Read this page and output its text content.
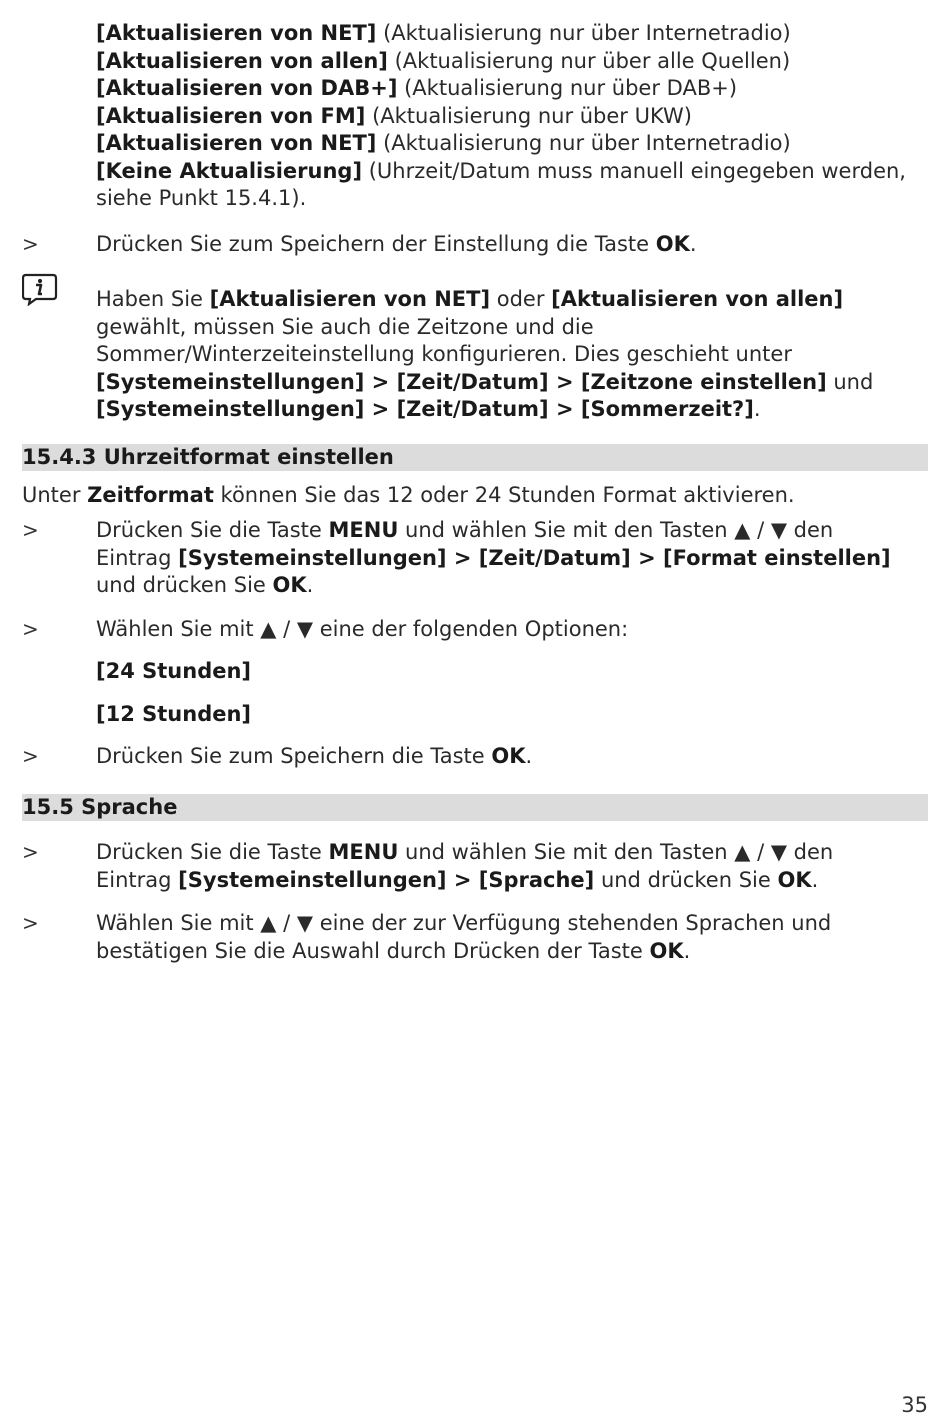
[Aktualisieren von NET] (Aktualisierung nur über Internetradio)
[Aktualisieren von allen] (Aktualisierung nur über alle Quellen)
[Aktualisieren von DAB+] (Aktualisierung nur über DAB+)
[Aktualisieren von FM] (Aktualisierung nur über UKW)
[Aktualisieren von NET] (Aktualisierung nur über Internetradio)
[Keine Aktualisierung] (Uhrzeit/Datum muss manuell eingegeben werden, siehe Punkt 15.4.1).
>	Drücken Sie zum Speichern der Einstellung die Taste OK.
Haben Sie [Aktualisieren von NET] oder [Aktualisieren von allen] gewählt, müssen Sie auch die Zeitzone und die Sommer/Winterzeiteinstellung konfigurieren. Dies geschieht unter [Systemeinstellungen] > [Zeit/Datum] > [Zeitzone einstellen] und [Systemeinstellungen] > [Zeit/Datum] > [Sommerzeit?].
15.4.3 Uhrzeitformat einstellen
Unter Zeitformat können Sie das 12 oder 24 Stunden Format aktivieren.
>	Drücken Sie die Taste MENU und wählen Sie mit den Tasten ▲ / ▼ den Eintrag [Systemeinstellungen] > [Zeit/Datum] > [Format einstellen] und drücken Sie OK.
>	Wählen Sie mit ▲ / ▼ eine der folgenden Optionen:
[24 Stunden]
[12 Stunden]
>	Drücken Sie zum Speichern die Taste OK.
15.5 Sprache
>	Drücken Sie die Taste MENU und wählen Sie mit den Tasten ▲ / ▼ den Eintrag [Systemeinstellungen] > [Sprache] und drücken Sie OK.
>	Wählen Sie mit ▲ / ▼ eine der zur Verfügung stehenden Sprachen und bestätigen Sie die Auswahl durch Drücken der Taste OK.
35
